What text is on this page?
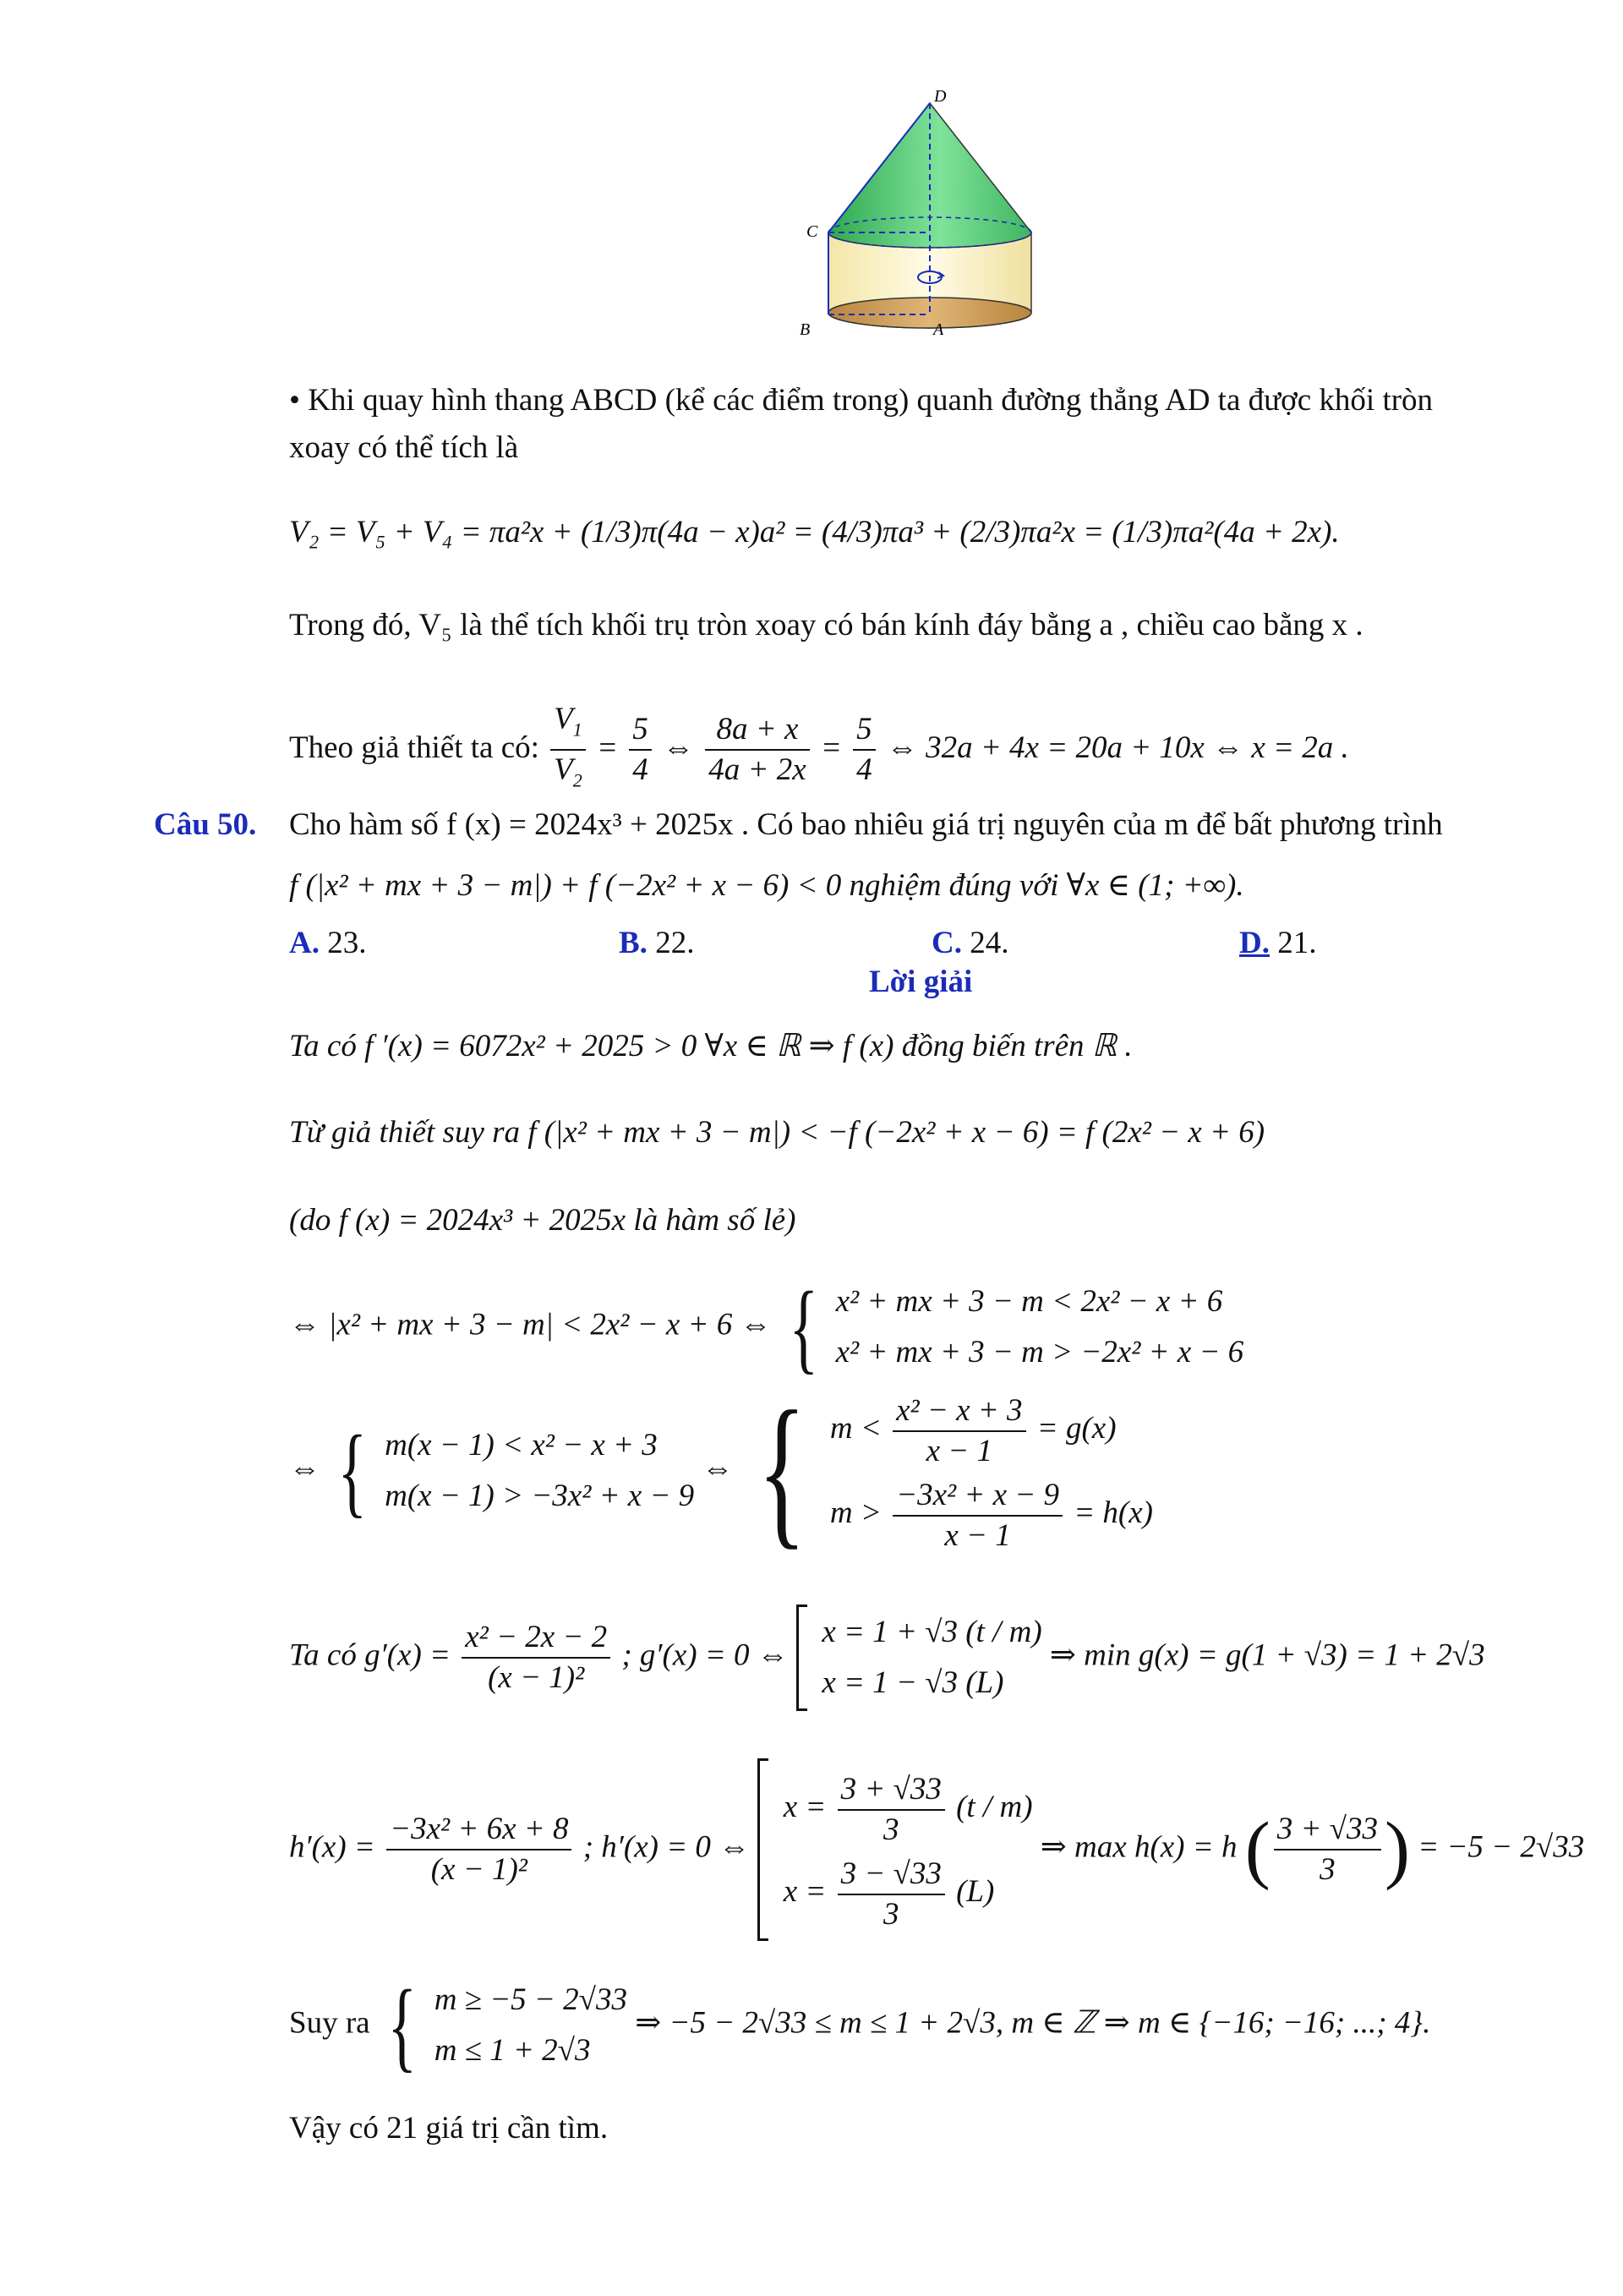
D
C
B	A
• Khi quay hình thang ABCD (kể các điểm trong) quanh đường thẳng AD ta được khối tròn
xoay có thể tích là
V₂ = V₅ + V₄ = πa²x + (1/3)π(4a − x)a² = (4/3)πa³ + (2/3)πa²x = (1/3)πa²(4a + 2x).
Trong đó, V₅ là thể tích khối trụ tròn xoay có bán kính đáy bằng a , chiều cao bằng x .
Theo giả thiết ta có: $\frac{V_1}{V_2} = \frac{5}{4}$ ⇔ $\frac{8a + x}{4a + 2x} = \frac{5}{4}$ ⇔ 32a + 4x = 20a + 10x ⇔ x = 2a .
Câu 50. Cho hàm số f (x) = 2024x³ + 2025x . Có bao nhiêu giá trị nguyên của m để bất phương trình
f (|x² + mx + 3 − m|) + f (−2x² + x − 6) < 0 nghiệm đúng với ∀x ∈ (1; +∞).
A. 23.	B. 22.	C. 24.	D. 21.
Lời giải
Ta có f ′(x) = 6072x² + 2025 > 0 ∀x ∈ ℝ ⇒ f (x) đồng biến trên ℝ .
Từ giả thiết suy ra f (|x² + mx + 3 − m|) < −f (−2x² + x − 6) = f (2x² − x + 6)
(do f (x) = 2024x³ + 2025x là hàm số lẻ)
⇔ |x² + mx + 3 − m| < 2x² − x + 6 ⇔ { x² + mx + 3 − m < 2x² − x + 6
x² + mx + 3 − m > −2x² + x − 6
⇔ { m(x − 1) < x² − x + 3
m(x − 1) > −3x² + x − 9
⇔ { $m < \frac{\text{x² − x + 3}}{x - 1} = g(x)$
$m > \frac{\text{−3x² + x − 9}}{x - 1} = h(x)$
Ta có $g'(x) = \frac{\text{x² − 2x − 2}}{\text{(x − 1)²}}$ ; g′(x) = 0 ⇔
x = 1 + √3 (t / m)
x = 1 − √3 (L)
⇒ min g(x) = g(1 + √3) = 1 + 2√3
$h'(x) = \frac{\text{−3x² + 6x + 8}}{\text{(x − 1)²}}$ ; h′(x) = 0 ⇔
$x = \frac{3 + √33}{3} (t / m)$
$x = \frac{3 - √33}{3} (L)$
⇒ max h(x) = h ( $\frac{3 + √33}{3}$ ) = −5 − 2√33
Suy ra { m ≥ −5 − 2√33
m ≤ 1 + 2√3
⇒ −5 − 2√33 ≤ m ≤ 1 + 2√3, m ∈ ℤ ⇒ m ∈ {−16; −16; ...; 4}.
Vậy có 21 giá trị cần tìm.
